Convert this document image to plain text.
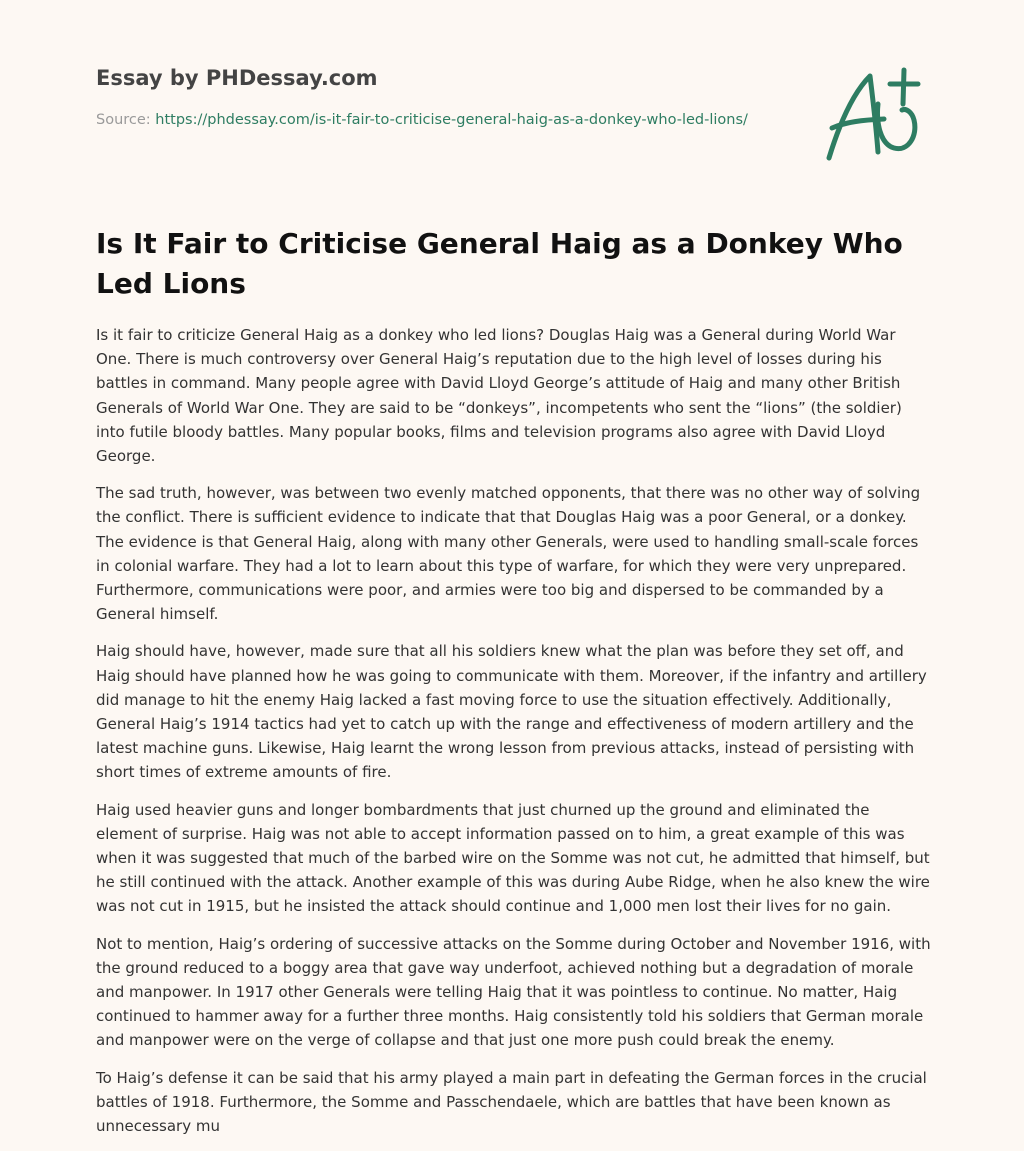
Essay by PHDessay.com
Source: https://phdessay.com/is-it-fair-to-criticise-general-haig-as-a-donkey-who-led-lions/
A+
Is It Fair to Criticise General Haig as a Donkey Who Led Lions

Is it fair to criticize General Haig as a donkey who led lions? Douglas Haig was a General during World War One. There is much controversy over General Haig’s reputation due to the high level of losses during his battles in command. Many people agree with David Lloyd George’s attitude of Haig and many other British Generals of World War One. They are said to be “donkeys”, incompetents who sent the “lions” (the soldier) into futile bloody battles. Many popular books, films and television programs also agree with David Lloyd George.

The sad truth, however, was between two evenly matched opponents, that there was no other way of solving the conflict. There is sufficient evidence to indicate that that Douglas Haig was a poor General, or a donkey. The evidence is that General Haig, along with many other Generals, were used to handling small-scale forces in colonial warfare. They had a lot to learn about this type of warfare, for which they were very unprepared. Furthermore, communications were poor, and armies were too big and dispersed to be commanded by a General himself.

Haig should have, however, made sure that all his soldiers knew what the plan was before they set off, and Haig should have planned how he was going to communicate with them. Moreover, if the infantry and artillery did manage to hit the enemy Haig lacked a fast moving force to use the situation effectively. Additionally, General Haig’s 1914 tactics had yet to catch up with the range and effectiveness of modern artillery and the latest machine guns. Likewise, Haig learnt the wrong lesson from previous attacks, instead of persisting with short times of extreme amounts of fire.

Haig used heavier guns and longer bombardments that just churned up the ground and eliminated the element of surprise. Haig was not able to accept information passed on to him, a great example of this was when it was suggested that much of the barbed wire on the Somme was not cut, he admitted that himself, but he still continued with the attack. Another example of this was during Aube Ridge, when he also knew the wire was not cut in 1915, but he insisted the attack should continue and 1,000 men lost their lives for no gain.

Not to mention, Haig’s ordering of successive attacks on the Somme during October and November 1916, with the ground reduced to a boggy area that gave way underfoot, achieved nothing but a degradation of morale and manpower. In 1917 other Generals were telling Haig that it was pointless to continue. No matter, Haig continued to hammer away for a further three months. Haig consistently told his soldiers that German morale and manpower were on the verge of collapse and that just one more push could break the enemy.

To Haig’s defense it can be said that his army played a main part in defeating the German forces in the crucial battles of 1918. Furthermore, the Somme and Passchendaele, which are battles that have been known as unnecessary mu
